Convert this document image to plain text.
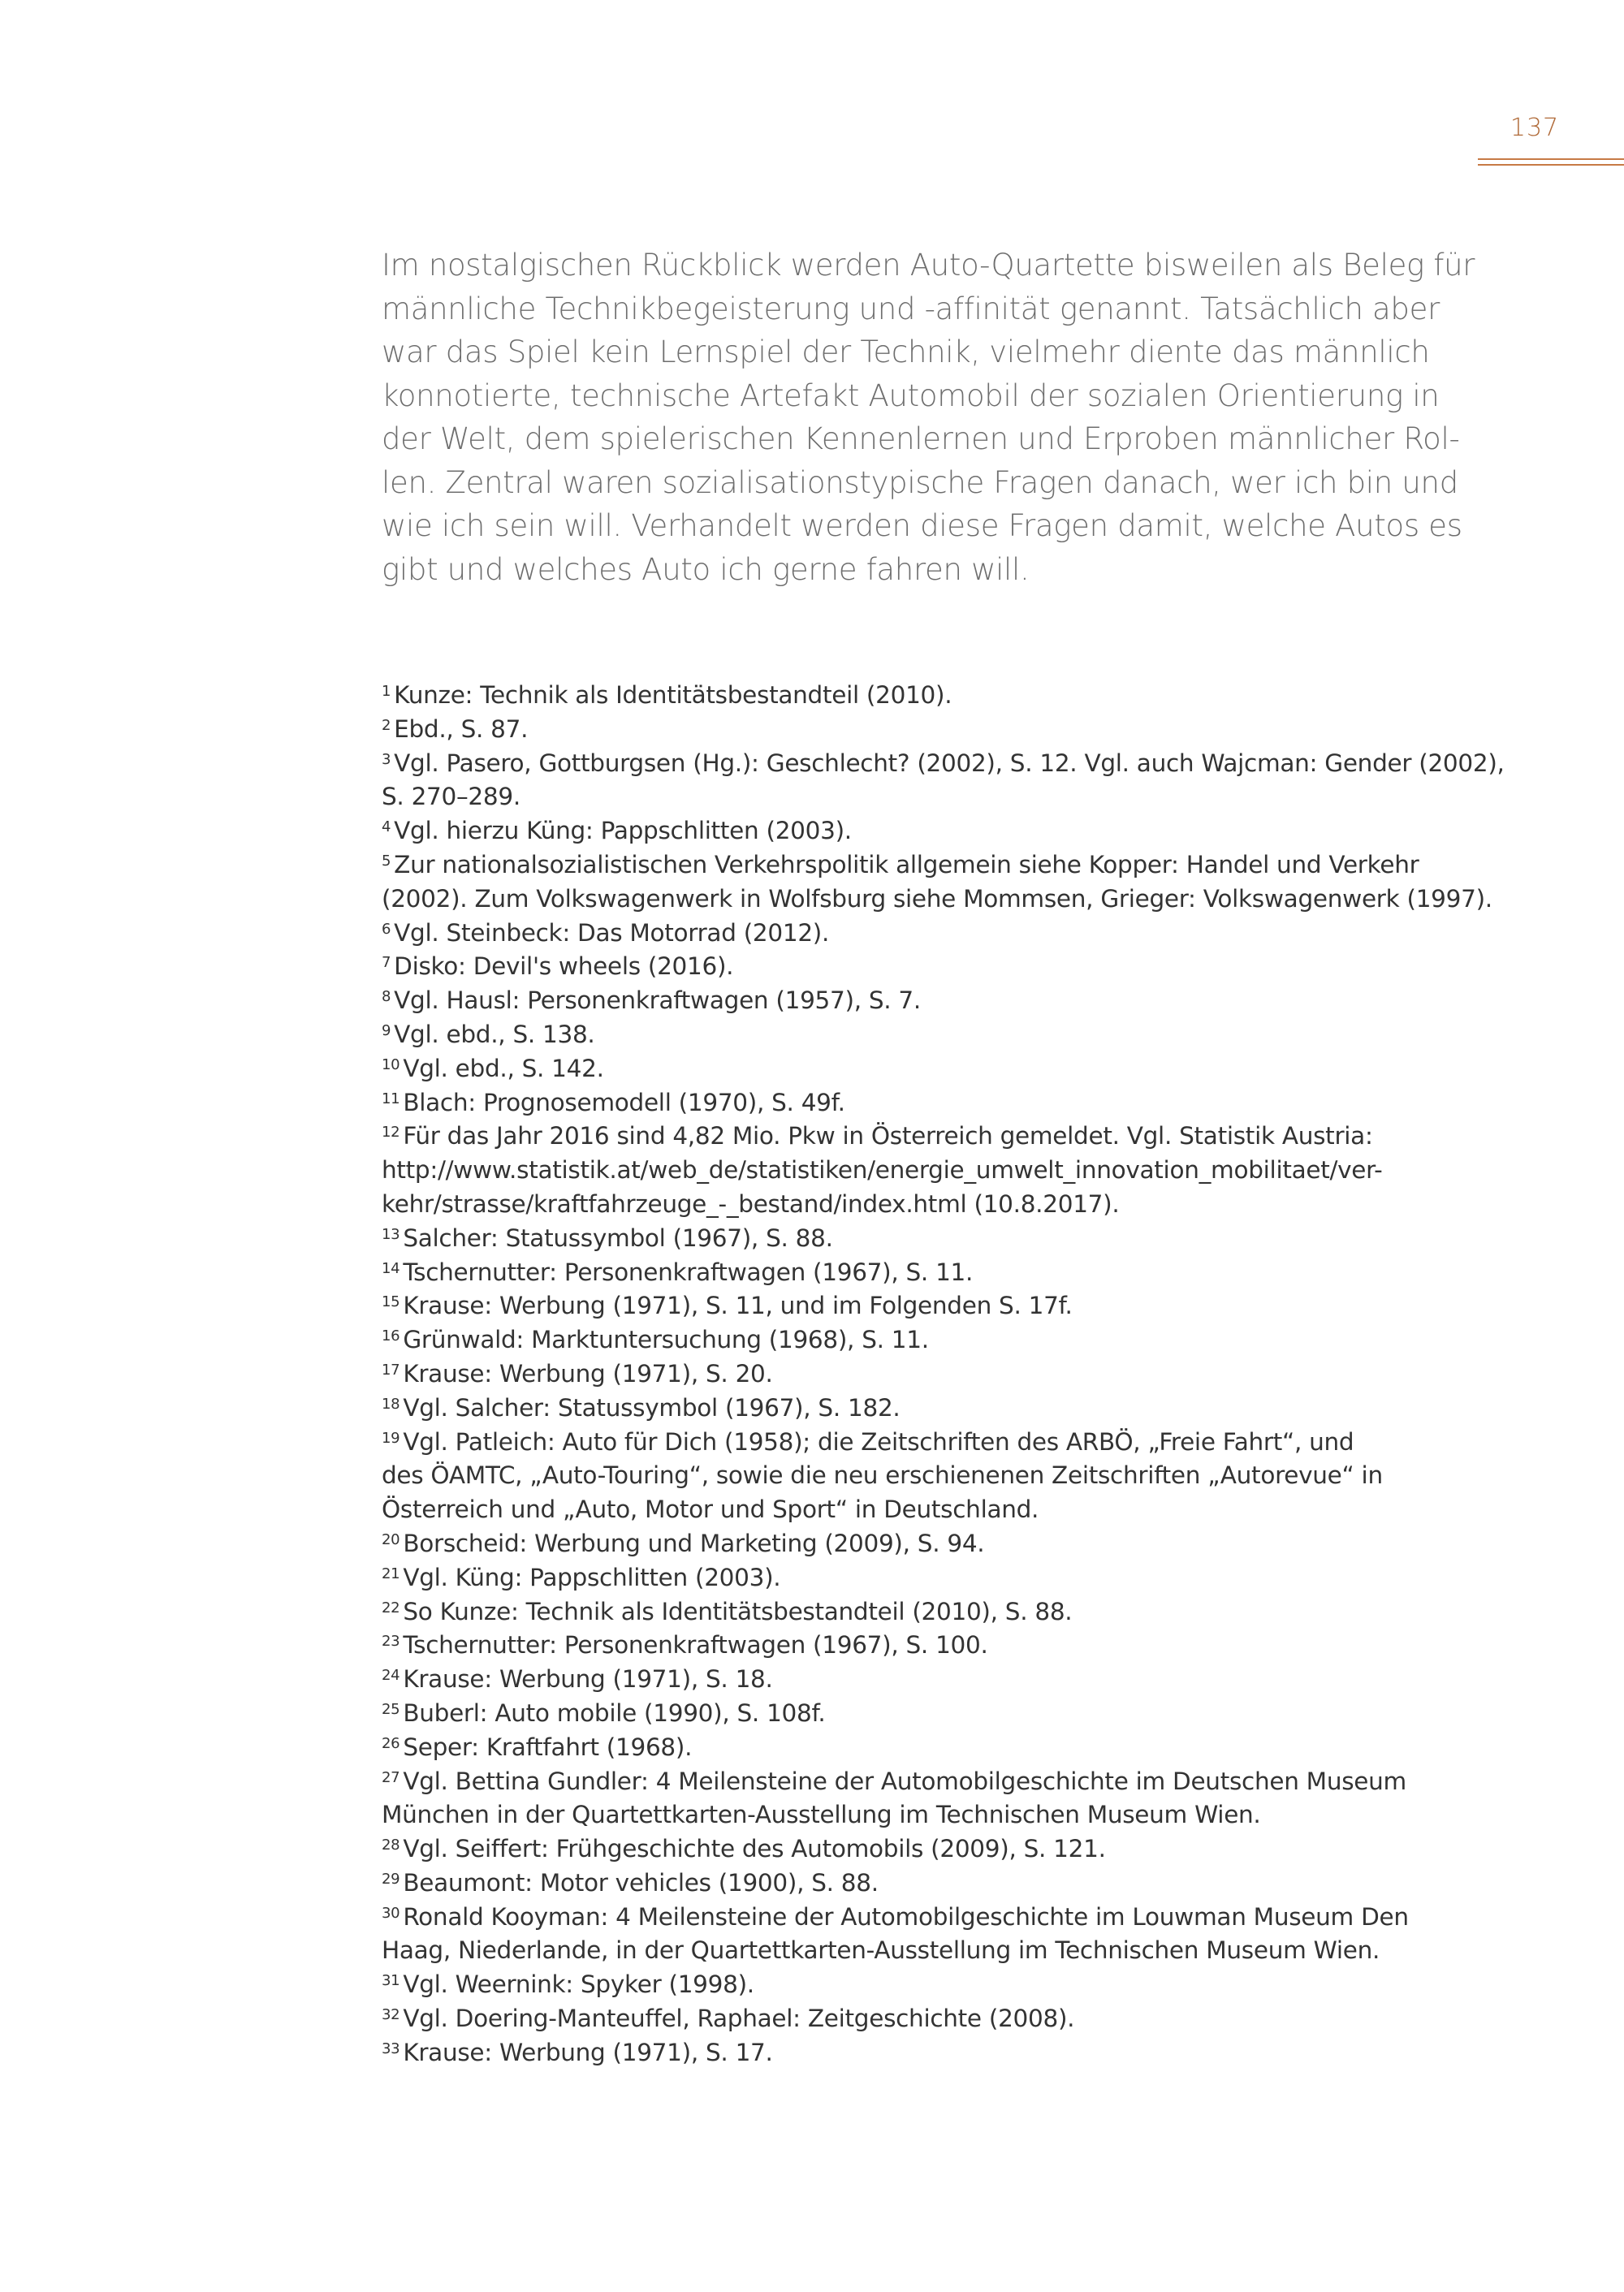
137

Im nostalgischen Rückblick werden Auto-Quartette bisweilen als Beleg für
männliche Technikbegeisterung und -affinität genannt. Tatsächlich aber
war das Spiel kein Lernspiel der Technik, vielmehr diente das männlich
konnotierte, technische Artefakt Automobil der sozialen Orientierung in
der Welt, dem spielerischen Kennenlernen und Erproben männlicher Rol-
len. Zentral waren sozialisationstypische Fragen danach, wer ich bin und
wie ich sein will. Verhandelt werden diese Fragen damit, welche Autos es
gibt und welches Auto ich gerne fahren will.

$^1$ Kunze: Technik als Identitätsbestandteil (2010).
$^2$ Ebd., S. 87.
$^3$ Vgl. Pasero, Gottburgsen (Hg.): Geschlecht? (2002), S. 12. Vgl. auch Wajcman: Gender (2002),
S. 270–289.
$^4$ Vgl. hierzu Küng: Pappschlitten (2003).
$^5$ Zur nationalsozialistischen Verkehrspolitik allgemein siehe Kopper: Handel und Verkehr
(2002). Zum Volkswagenwerk in Wolfsburg siehe Mommsen, Grieger: Volkswagenwerk (1997).
$^6$ Vgl. Steinbeck: Das Motorrad (2012).
$^7$ Disko: Devil's wheels (2016).
$^8$ Vgl. Hausl: Personenkraftwagen (1957), S. 7.
$^9$ Vgl. ebd., S. 138.
$^{10}$ Vgl. ebd., S. 142.
$^{11}$ Blach: Prognosemodell (1970), S. 49f.
$^{12}$ Für das Jahr 2016 sind 4,82 Mio. Pkw in Österreich gemeldet. Vgl. Statistik Austria:
http://www.statistik.at/web_de/statistiken/energie_umwelt_innovation_mobilitaet/ver-
kehr/strasse/kraftfahrzeuge_-_bestand/index.html (10.8.2017).
$^{13}$ Salcher: Statussymbol (1967), S. 88.
$^{14}$ Tschernutter: Personenkraftwagen (1967), S. 11.
$^{15}$ Krause: Werbung (1971), S. 11, und im Folgenden S. 17f.
$^{16}$ Grünwald: Marktuntersuchung (1968), S. 11.
$^{17}$ Krause: Werbung (1971), S. 20.
$^{18}$ Vgl. Salcher: Statussymbol (1967), S. 182.
$^{19}$ Vgl. Patleich: Auto für Dich (1958); die Zeitschriften des ARBÖ, „Freie Fahrt“, und
des ÖAMTC, „Auto-Touring“, sowie die neu erschienenen Zeitschriften „Autorevue“ in
Österreich und „Auto, Motor und Sport“ in Deutschland.
$^{20}$ Borscheid: Werbung und Marketing (2009), S. 94.
$^{21}$ Vgl. Küng: Pappschlitten (2003).
$^{22}$ So Kunze: Technik als Identitätsbestandteil (2010), S. 88.
$^{23}$ Tschernutter: Personenkraftwagen (1967), S. 100.
$^{24}$ Krause: Werbung (1971), S. 18.
$^{25}$ Buberl: Auto mobile (1990), S. 108f.
$^{26}$ Seper: Kraftfahrt (1968).
$^{27}$ Vgl. Bettina Gundler: 4 Meilensteine der Automobilgeschichte im Deutschen Museum
München in der Quartettkarten-Ausstellung im Technischen Museum Wien.
$^{28}$ Vgl. Seiffert: Frühgeschichte des Automobils (2009), S. 121.
$^{29}$ Beaumont: Motor vehicles (1900), S. 88.
$^{30}$ Ronald Kooyman: 4 Meilensteine der Automobilgeschichte im Louwman Museum Den
Haag, Niederlande, in der Quartettkarten-Ausstellung im Technischen Museum Wien.
$^{31}$ Vgl. Weernink: Spyker (1998).
$^{32}$ Vgl. Doering-Manteuffel, Raphael: Zeitgeschichte (2008).
$^{33}$ Krause: Werbung (1971), S. 17.
